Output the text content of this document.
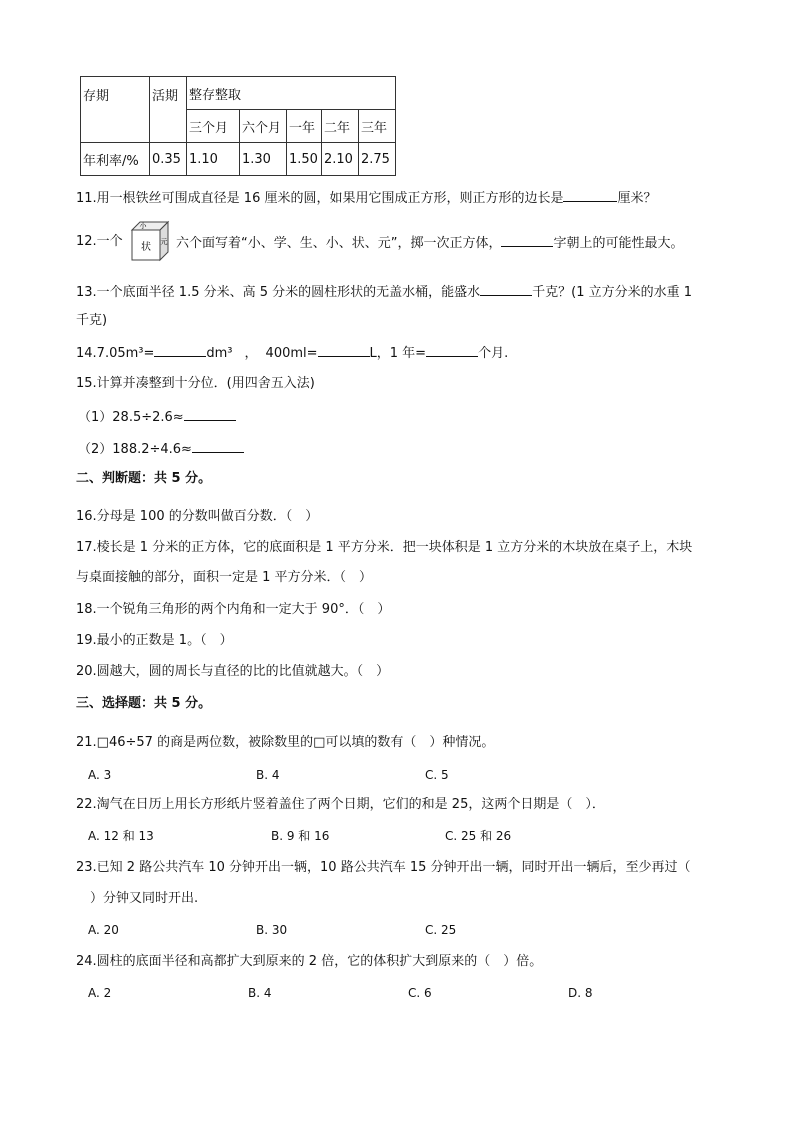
存期	活期	整存整取				
		三个月	六个月	一年	二年	三年
年利率/%	0.35	1.10	1.30	1.50	2.10	2.75
11.用一根铁丝可围成直径是 16 厘米的圆，如果用它围成正方形，则正方形的边长是	厘米？
12.一个
小
状 元 六个面写着“小、学、生、小、状、元”，掷一次正方体，	字朝上的可能性最大。
13.一个底面半径 1.5 分米、高 5 分米的圆柱形状的无盖水桶，能盛水	千克？(1 立方分米的水重 1
千克)
14.7.05m³=	dm³ ， 400ml=	L，1 年=	个月.
15.计算并凑整到十分位．(用四舍五入法)
（1）28.5÷2.6≈
（2）188.2÷4.6≈
二、判断题：共 5 分。
16.分母是 100 的分数叫做百分数．（　）
17.棱长是 1 分米的正方体，它的底面积是 1 平方分米．把一块体积是 1 立方分米的木块放在桌子上，木块
与桌面接触的部分，面积一定是 1 平方分米．（　）
18.一个锐角三角形的两个内角和一定大于 90°．（　）
19.最小的正数是 1。（　）
20.圆越大，圆的周长与直径的比的比值就越大。（　）
三、选择题：共 5 分。
21.□46÷57 的商是两位数，被除数里的□可以填的数有（　）种情况。
A. 3	B. 4	C. 5
22.淘气在日历上用长方形纸片竖着盖住了两个日期，它们的和是 25，这两个日期是（　）．
A. 12 和 13	B. 9 和 16	C. 25 和 26
23.已知 2 路公共汽车 10 分钟开出一辆，10 路公共汽车 15 分钟开出一辆，同时开出一辆后，至少再过（
）分钟又同时开出.
A. 20	B. 30	C. 25
24.圆柱的底面半径和高都扩大到原来的 2 倍，它的体积扩大到原来的（　）倍。
A. 2	B. 4	C. 6	D. 8
